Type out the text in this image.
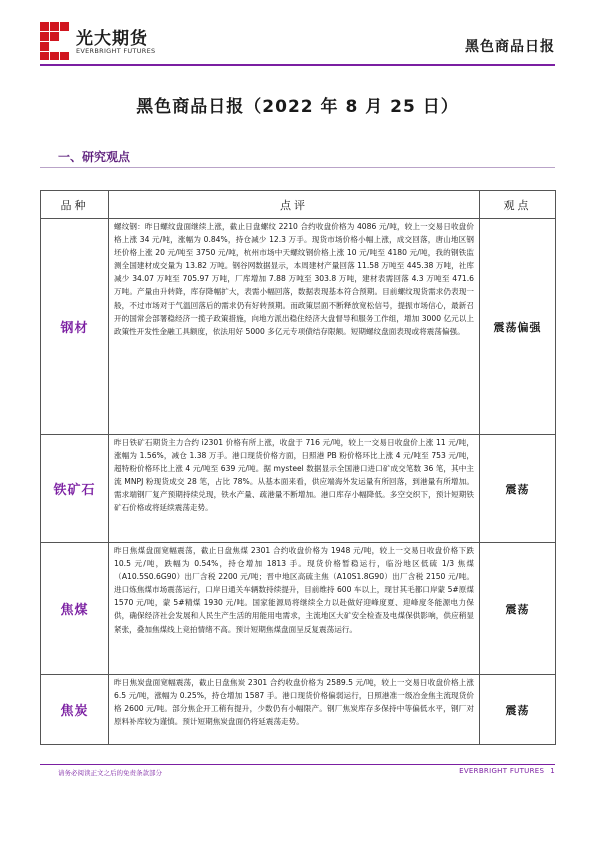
光大期货
EVERBRIGHT FUTURES	黑色商品日报
黑色商品日报（2022 年 8 月 25 日）
一、研究观点
品种	点评	观点
钢材	螺纹钢：昨日螺纹盘面继续上涨，截止日盘螺纹 2210 合约收盘价格为 4086 元/吨，较上一交易日收盘价格上涨 34 元/吨，涨幅为 0.84%，持仓减少 12.3 万手。现货市场价格小幅上涨，成交回落，唐山地区钢坯价格上涨 20 元/吨至 3750 元/吨，杭州市场中天螺纹钢价格上涨 10 元/吨至 4180 元/吨，我的钢铁监测全国建材成交量为 13.82 万吨。钢谷网数据显示，本周建材产量回落 11.58 万吨至 445.38 万吨，社库减少 34.07 万吨至 705.97 万吨，厂库增加 7.88 万吨至 303.8 万吨，建材表需回落 4.3 万吨至 471.6 万吨。产量由升转降，库存降幅扩大，表需小幅回落，数据表现基本符合预期。目前螺纹现货需求仍表现一般，不过市场对于气温回落后的需求仍有好转预期。而政策层面不断释放宽松信号，提振市场信心，最新召开的国常会部署稳经济一揽子政策措施，向地方派出稳住经济大盘督导和服务工作组，增加 3000 亿元以上政策性开发性金融工具额度，依法用好 5000 多亿元专项债结存限额。短期螺纹盘面表现或将震荡偏强。	震荡偏强
铁矿石	昨日铁矿石期货主力合约 i2301 价格有所上涨，收盘于 716 元/吨，较上一交易日收盘价上涨 11 元/吨，涨幅为 1.56%，减仓 1.38 万手。港口现货价格方面，日照港 PB 粉价格环比上涨 4 元/吨至 753 元/吨，超特粉价格环比上涨 4 元/吨至 639 元/吨。据 mysteel 数据显示全国港口进口矿成交笔数 36 笔，其中主流 MNPJ 粉现货成交 28 笔，占比 78%。从基本面来看，供应端海外发运量有所回落，到港量有所增加。需求端钢厂复产预期持续兑现，铁水产量、疏港量不断增加。港口库存小幅降低。多空交织下，预计短期铁矿石价格或将延续震荡走势。	震荡
焦煤	昨日焦煤盘面宽幅震荡，截止日盘焦煤 2301 合约收盘价格为 1948 元/吨，较上一交易日收盘价格下跌 10.5 元/吨，跌幅为 0.54%，持仓增加 1813 手。现货价格暂稳运行，临汾地区低硫 1/3 焦煤（A10.5S0.6G90）出厂含税 2200 元/吨；晋中地区高硫主焦（A10S1.8G90）出厂含税 2150 元/吨。进口炼焦煤市场震荡运行，口岸日通关车辆数持续提升，目前维持 600 车以上，现甘其毛都口岸蒙 5#原煤 1570 元/吨，蒙 5#精煤 1930 元/吨。国家能源局将继续全力以赴做好迎峰度夏、迎峰度冬能源电力保供，确保经济社会发展和人民生产生活的用能用电需求，主流地区大矿安全检查及电煤保供影响，供应稍显紧张，叠加焦煤线上竞拍情绪不高。预计短期焦煤盘面呈反复震荡运行。	震荡
焦炭	昨日焦炭盘面宽幅震荡，截止日盘焦炭 2301 合约收盘价格为 2589.5 元/吨，较上一交易日收盘价格上涨 6.5 元/吨，涨幅为 0.25%，持仓增加 1587 手。港口现货价格偏弱运行，日照港准一级冶金焦主流现货价格 2600 元/吨。部分焦企开工稍有提升，少数仍有小幅限产。钢厂焦炭库存多保持中等偏低水平，钢厂对原料补库较为谨慎。预计短期焦炭盘面仍将延震荡走势。	震荡
请务必阅读正文之后的免责条款部分	EVERBRIGHT FUTURES 1
